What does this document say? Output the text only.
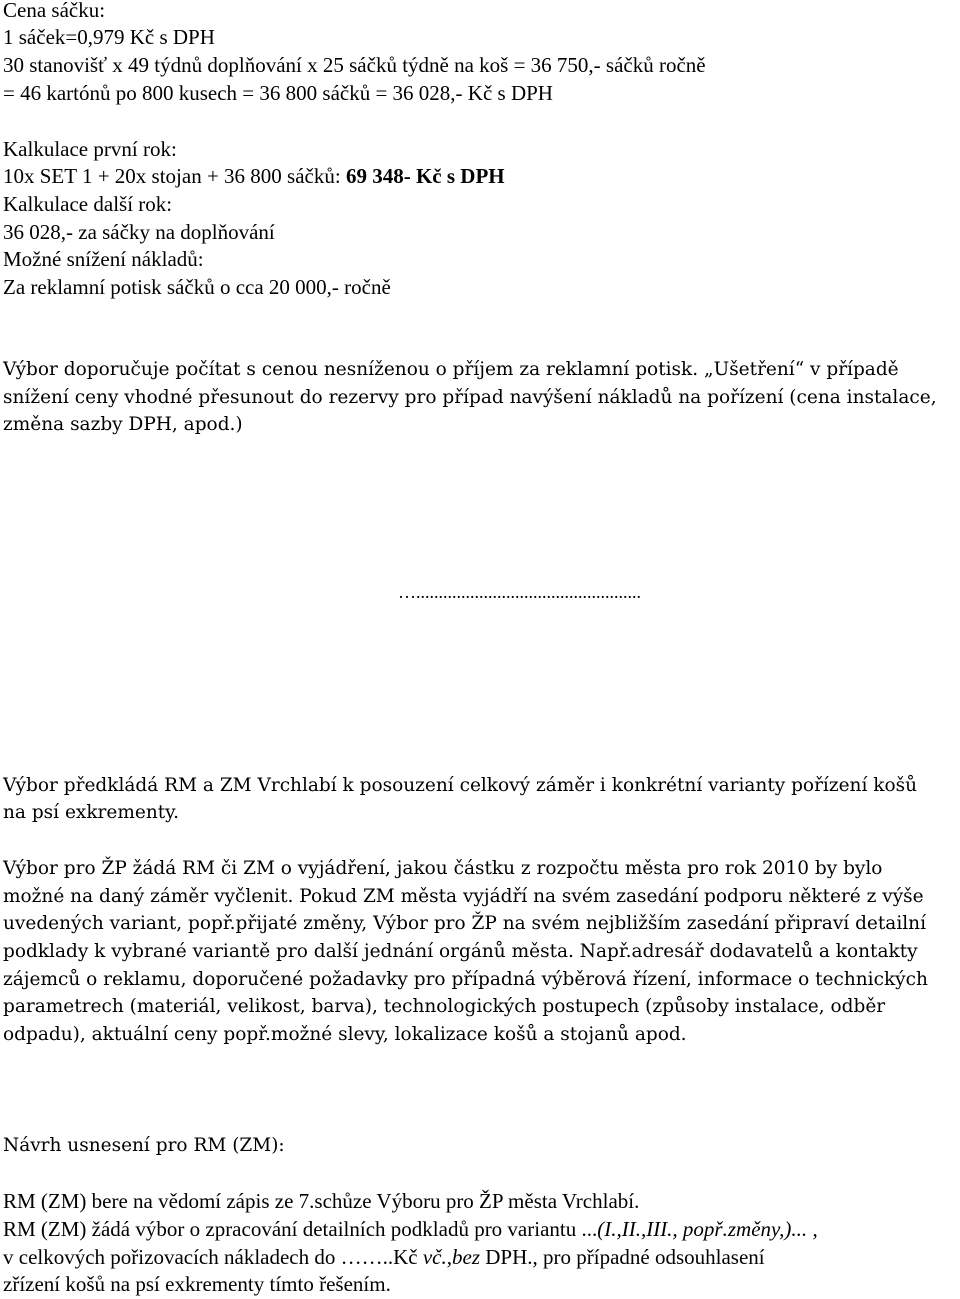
Cena sáčku:
1 sáček=0,979 Kč s DPH
30 stanovišť x 49 týdnů doplňování x 25 sáčků týdně na koš = 36 750,- sáčků ročně
= 46 kartónů po 800 kusech = 36 800 sáčků = 36 028,- Kč s DPH
Kalkulace první rok:
10x SET 1 + 20x stojan + 36 800 sáčků: 69 348- Kč s DPH
Kalkulace další rok:
36 028,- za sáčky na doplňování
Možné snížení nákladů:
Za reklamní potisk sáčků o cca 20 000,- ročně
Výbor doporučuje počítat s cenou nesníženou o příjem za reklamní potisk. „Ušetření“ v případě
snížení ceny vhodné přesunout do rezervy pro případ navýšení nákladů na pořízení (cena instalace,
změna sazby DPH, apod.)
…..................................................
Výbor předkládá RM a ZM Vrchlabí k posouzení celkový záměr i konkrétní varianty pořízení košů
na psí exkrementy.
Výbor pro ŽP žádá RM či ZM o vyjádření, jakou částku z rozpočtu města pro rok 2010 by bylo
možné na daný záměr vyčlenit. Pokud ZM města vyjádří na svém zasedání podporu některé z výše
uvedených variant, popř.přijaté změny, Výbor pro ŽP na svém nejbližším zasedání připraví detailní
podklady k vybrané variantě pro další jednání orgánů města. Např.adresář dodavatelů a kontakty
zájemců o reklamu, doporučené požadavky pro případná výběrová řízení, informace o technických
parametrech (materiál, velikost, barva), technologických postupech (způsoby instalace, odběr
odpadu), aktuální ceny popř.možné slevy, lokalizace košů a stojanů apod.
Návrh usnesení pro RM (ZM):
RM (ZM) bere na vědomí zápis ze 7.schůze Výboru pro ŽP města Vrchlabí.
RM (ZM) žádá výbor o zpracování detailních podkladů pro variantu ...(I.,II.,III., popř.změny,)... ,
v celkových pořizovacích nákladech do ……..Kč vč.,bez DPH., pro případné odsouhlasení
zřízení košů na psí exkrementy tímto řešením.
